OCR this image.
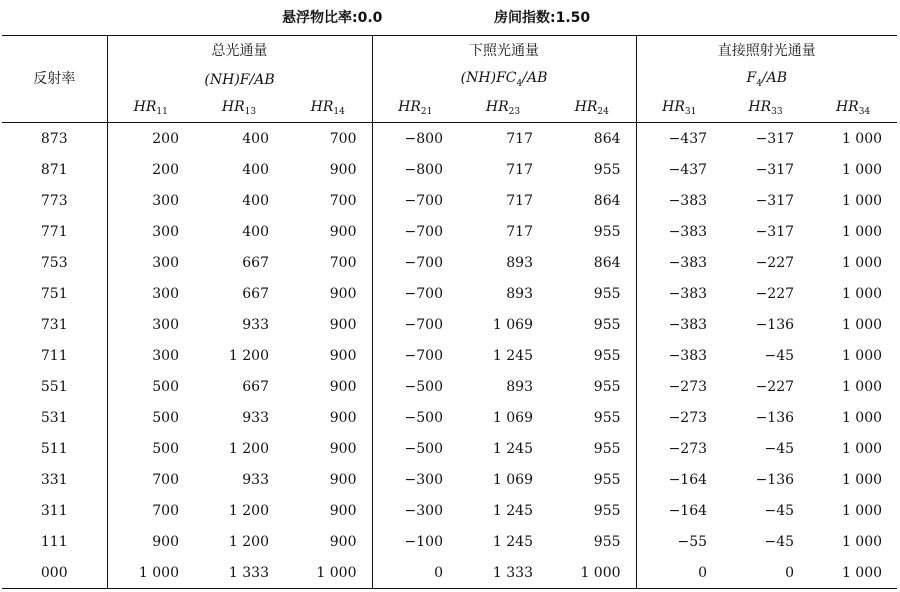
悬浮物比率:0.0	房间指数:1.50
反射率	总光通量			下照光通量			直接照射光通量		
	(NH)F/AB			$(NH)FC_4/AB$			$F_4/AB$		
	$HR_{11}$	$HR_{13}$	$HR_{14}$	$HR_{21}$	$HR_{23}$	$HR_{24}$	$HR_{31}$	$HR_{33}$	$HR_{34}$
873	200	400	700	−800	717	864	−437	−317	1 000
871	200	400	900	−800	717	955	−437	−317	1 000
773	300	400	700	−700	717	864	−383	−317	1 000
771	300	400	900	−700	717	955	−383	−317	1 000
753	300	667	700	−700	893	864	−383	−227	1 000
751	300	667	900	−700	893	955	−383	−227	1 000
731	300	933	900	−700	1 069	955	−383	−136	1 000
711	300	1 200	900	−700	1 245	955	−383	−45	1 000
551	500	667	900	−500	893	955	−273	−227	1 000
531	500	933	900	−500	1 069	955	−273	−136	1 000
511	500	1 200	900	−500	1 245	955	−273	−45	1 000
331	700	933	900	−300	1 069	955	−164	−136	1 000
311	700	1 200	900	−300	1 245	955	−164	−45	1 000
111	900	1 200	900	−100	1 245	955	−55	−45	1 000
000	1 000	1 333	1 000	0	1 333	1 000	0	0	1 000
